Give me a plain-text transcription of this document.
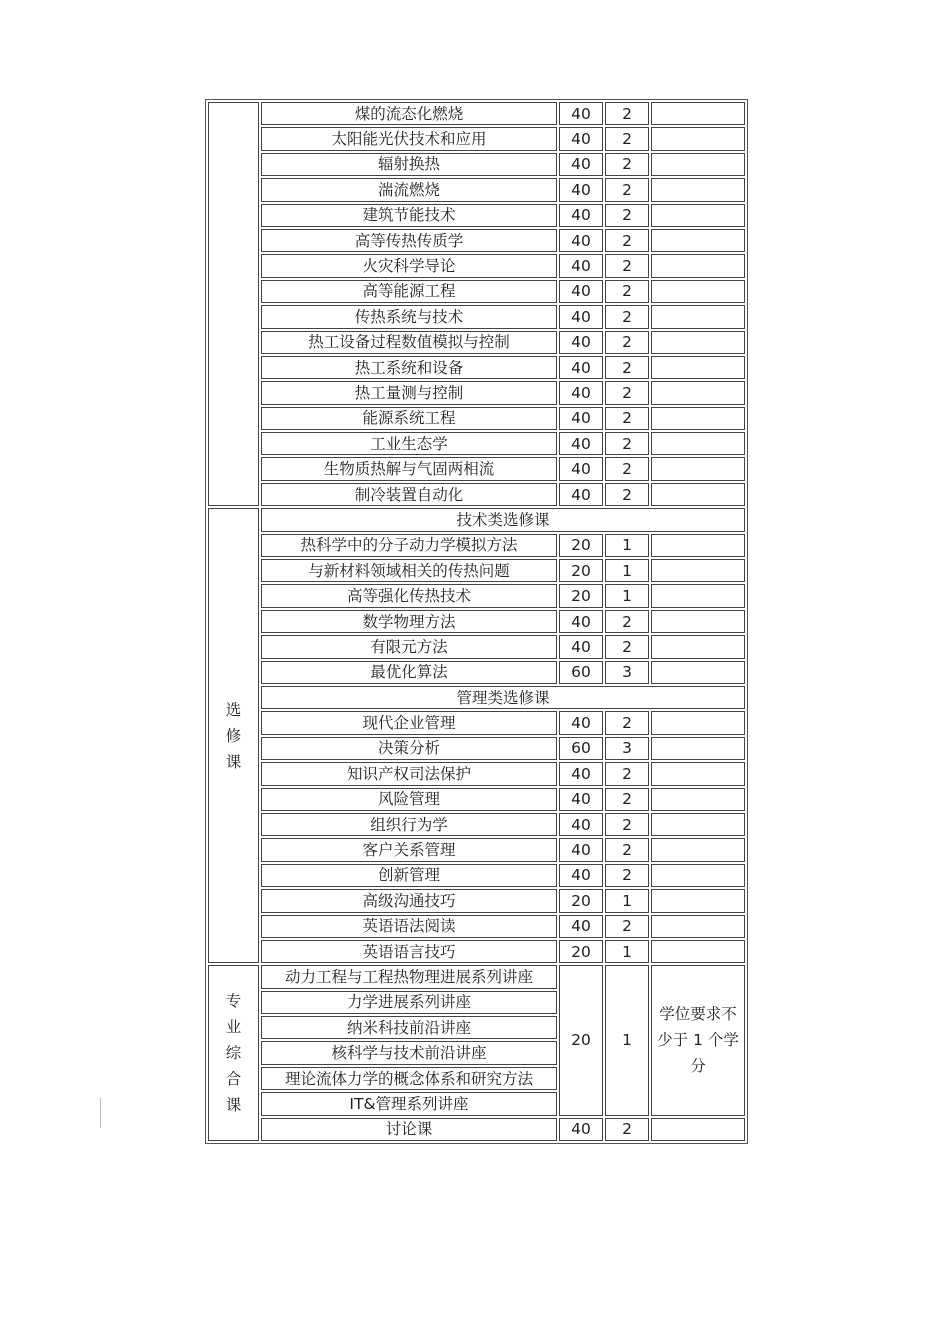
	煤的流态化燃烧	40	2	
	太阳能光伏技术和应用	40	2	
	辐射换热	40	2	
	湍流燃烧	40	2	
	建筑节能技术	40	2	
	高等传热传质学	40	2	
	火灾科学导论	40	2	
	高等能源工程	40	2	
	传热系统与技术	40	2	
	热工设备过程数值模拟与控制	40	2	
	热工系统和设备	40	2	
	热工量测与控制	40	2	
	能源系统工程	40	2	
	工业生态学	40	2	
	生物质热解与气固两相流	40	2	
	制冷装置自动化	40	2	
选修课	技术类选修课			
	热科学中的分子动力学模拟方法	20	1	
	与新材料领域相关的传热问题	20	1	
	高等强化传热技术	20	1	
	数学物理方法	40	2	
	有限元方法	40	2	
	最优化算法	60	3	
	管理类选修课			
	现代企业管理	40	2	
	决策分析	60	3	
	知识产权司法保护	40	2	
	风险管理	40	2	
	组织行为学	40	2	
	客户关系管理	40	2	
	创新管理	40	2	
	高级沟通技巧	20	1	
	英语语法阅读	40	2	
	英语语言技巧	20	1	
专业综合课	动力工程与工程热物理进展系列讲座	20	1	学位要求不少于 1 个学分
	力学进展系列讲座			
	纳米科技前沿讲座			
	核科学与技术前沿讲座			
	理论流体力学的概念体系和研究方法			
	IT&管理系列讲座			
	讨论课	40	2	
